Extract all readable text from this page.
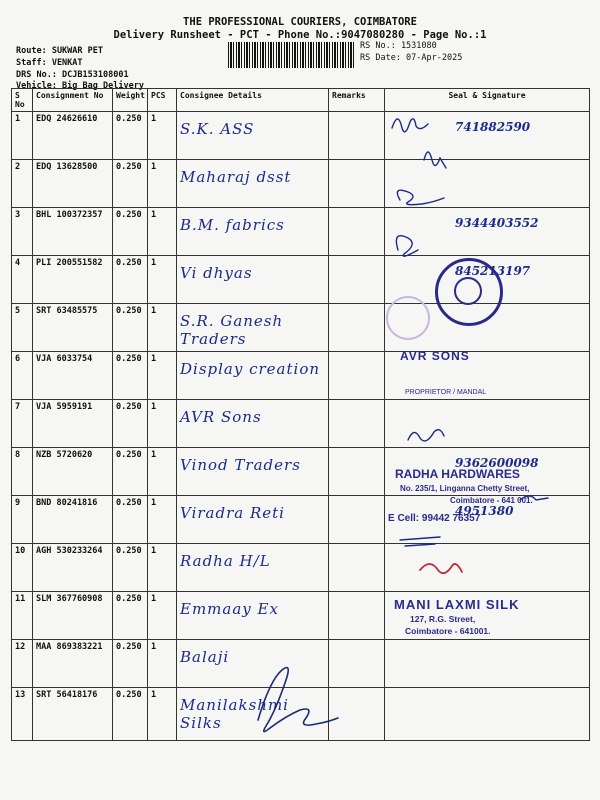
THE PROFESSIONAL COURIERS, COIMBATORE
Delivery Runsheet - PCT - Phone No.:9047080280 - Page No.:1
Route: SUKWAR PET
Staff: VENKAT
DRS No.: DCJB153108001
Vehicle: Big Bag Delivery
RS No.: 1531080
RS Date: 07-Apr-2025
S No	Consignment No	Weight	PCS	Consignee Details	Remarks	Seal & Signature
1	EDQ 24626610	0.250	1	S.K. ASS		741882590

2	EDQ 13628500	0.250	1	Maharaj dsst		

3	BHL 100372357	0.250	1	B.M. fabrics		9344403552

4	PLI 200551582	0.250	1	Vi dhyas		845213197

5	SRT 63485575	0.250	1	S.R. Ganesh Traders		

6	VJA 6033754	0.250	1	Display creation		

7	VJA 5959191	0.250	1	AVR Sons		

8	NZB 5720620	0.250	1	Vinod Traders		9362600098

9	BND 80241816	0.250	1	Viradra Reti		4951380

10	AGH 530233264	0.250	1	Radha H/L		

11	SLM 367760908	0.250	1	Emmaay Ex		

12	MAA 869383221	0.250	1	Balaji		

13	SRT 56418176	0.250	1	Manilakshmi Silks		
AVR SONS
PROPRIETOR / MANDAL
RADHA HARDWARES
No. 235/1, Linganna Chetty Street,
Coimbatore - 641 001.
E Cell: 99442 76357
MANI LAXMI SILK
127, R.G. Street,
Coimbatore - 641001.
